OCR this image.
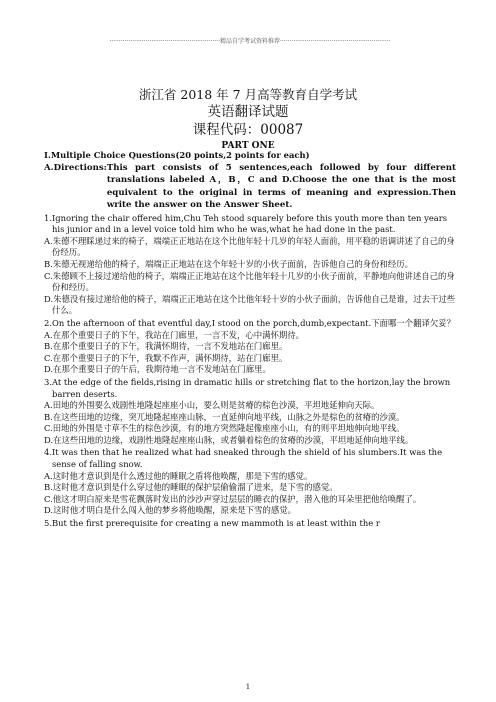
··························································精品自学考试资料推荐··························································
浙江省 2018 年 7 月高等教育自学考试
英语翻译试题
课程代码：00087
PART ONE

Ⅰ.Multiple Choice Questions(20 points,2 points for each)

A.Directions: This part consists of 5 sentences,each followed by four different translations labeled A，B，C and D.Choose the one that is the most equivalent to the original in terms of meaning and expression.Then write the answer on the Answer Sheet.

1.Ignoring the chair offered him,Chu Teh stood squarely before this youth more than ten years his junior and in a level voice told him who he was,what he had done in the past.

A.朱德不理睬递过来的椅子，端端正正地站在这个比他年轻十几岁的年轻人面前，用平稳的语调讲述了自己的身份经历。

B.朱德无视递给他的椅子，端端正正地站在这个年轻十岁的小伙子面前，告诉他自己的身份和经历。

C.朱德顾不上接过递给他的椅子，端端正正地站在这个比他年轻十几岁的小伙子面前，平静地向他讲述自己的身份和经历。

D.朱德没有接过递给他的椅子，端端正正地站在这个比他年轻十岁的小伙子面前，告诉他自己是谁，过去干过些什么。

2.On the afternoon of that eventful day,I stood on the porch,dumb,expectant.下面哪一个翻译欠妥？

A.在那个重要日子的下午，我站在门廊里，一言不发，心中满怀期待。

B.在那个重要日子的下午，我满怀期待，一言不发地站在门廊里。

C.在那个重要日子的下午，我默不作声，满怀期待，站在门廊里。

D.在那个重要日子的午后，我期待地一言不发地站在门廊里。

3.At the edge of the fields,rising in dramatic hills or stretching flat to the horizon,lay the brown barren deserts.

A.田地的外围要么戏剧性地隆起座座小山，要么则是贫瘠的棕色沙漠，平坦地延伸向天际。

B.在这些田地的边缘，突兀地隆起座座山脉，一直延伸向地平线，山脉之外是棕色的贫瘠的沙漠。

C.田地的外围是寸草不生的棕色沙漠，有的地方突然隆起像座座小山，有的则平坦地伸向地平线。

D.在这些田地的边缘，戏剧性地隆起座座山脉，或者躺着棕色的贫瘠的沙漠，平坦地延伸向地平线。

4.It was then that he realized what had sneaked through the shield of his slumbers.It was the sense of falling snow.

A.这时他才意识到是什么透过他的睡眠之盾将他唤醒，那是下雪的感觉。

B.这时他才意识到是什么穿过他的睡眠的保护层偷偷溜了进来，是下雪的感觉。

C.他这才明白原来是雪花飘落时发出的沙沙声穿过层层的睡衣的保护，潜入他的耳朵里把他给唤醒了。

D.这时他才明白是什么闯入他的梦乡将他唤醒，原来是下雪的感觉。

5.But the first prerequisite for creating a new mammoth is at least within the r

1
